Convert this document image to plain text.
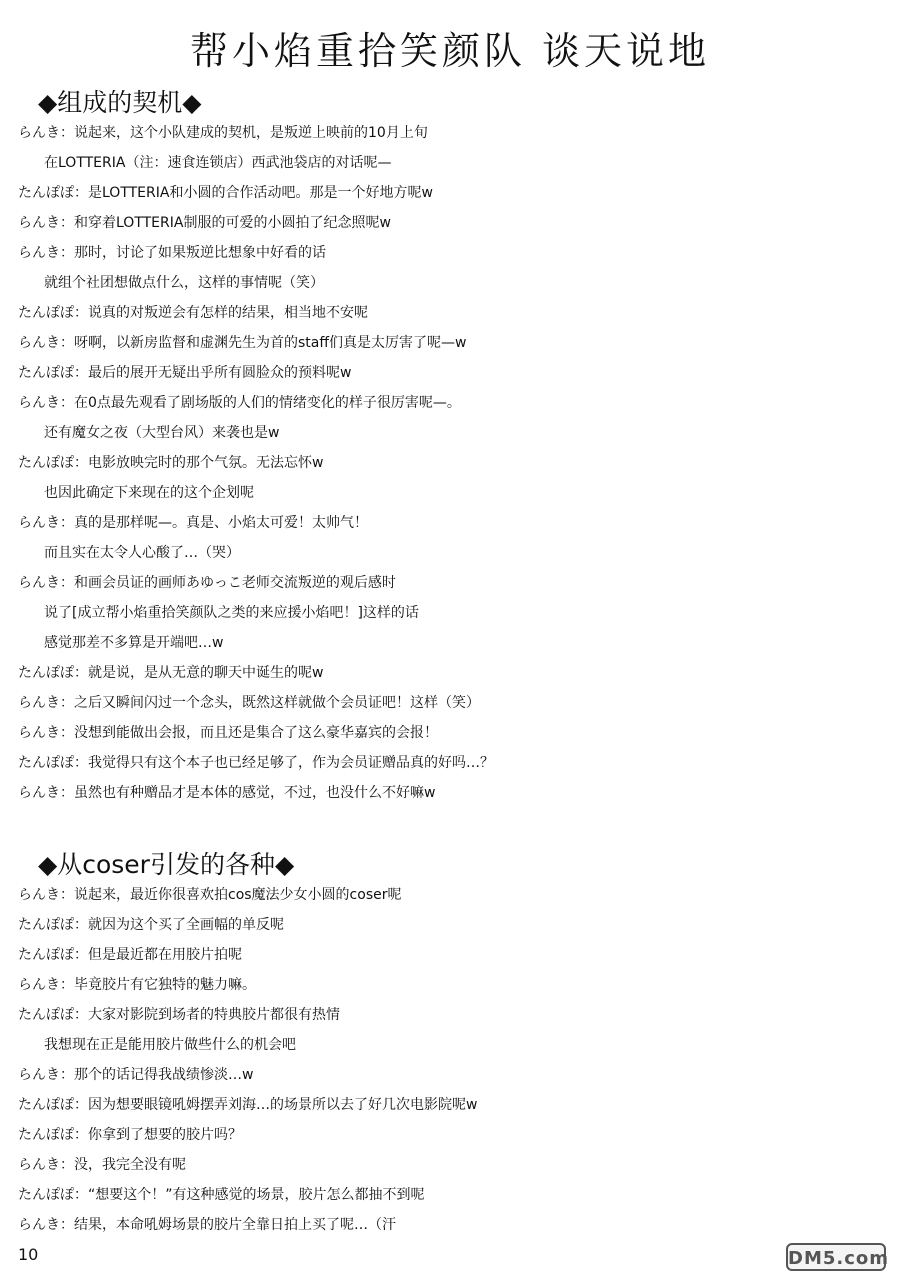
帮小焰重拾笑颜队 谈天说地
◆组成的契机◆
らんき：说起来，这个小队建成的契机，是叛逆上映前的10月上旬
在LOTTERIA（注：速食连锁店）西武池袋店的对话呢—
たんぽぽ：是LOTTERIA和小圆的合作活动吧。那是一个好地方呢w
らんき：和穿着LOTTERIA制服的可爱的小圆拍了纪念照呢w
らんき：那时，讨论了如果叛逆比想象中好看的话
就组个社团想做点什么，这样的事情呢（笑）
たんぽぽ：说真的对叛逆会有怎样的结果，相当地不安呢
らんき：呀啊，以新房监督和虚渊先生为首的staff们真是太厉害了呢—w
たんぽぽ：最后的展开无疑出乎所有圆脸众的预料呢w
らんき：在0点最先观看了剧场版的人们的情绪变化的样子很厉害呢—。
还有魔女之夜（大型台风）来袭也是w
たんぽぽ：电影放映完时的那个气氛。无法忘怀w
也因此确定下来现在的这个企划呢
らんき：真的是那样呢—。真是、小焰太可爱！太帅气！
而且实在太令人心酸了…（哭）
らんき：和画会员证的画师あゆっこ老师交流叛逆的观后感时
说了[成立帮小焰重拾笑颜队之类的来应援小焰吧！]这样的话
感觉那差不多算是开端吧…w
たんぽぽ：就是说，是从无意的聊天中诞生的呢w
らんき：之后又瞬间闪过一个念头，既然这样就做个会员证吧！这样（笑）
らんき：没想到能做出会报，而且还是集合了这么豪华嘉宾的会报！
たんぽぽ：我觉得只有这个本子也已经足够了，作为会员证赠品真的好吗…？
らんき：虽然也有种赠品才是本体的感觉，不过，也没什么不好嘛w
◆从coser引发的各种◆
らんき：说起来，最近你很喜欢拍cos魔法少女小圆的coser呢
たんぽぽ：就因为这个买了全画幅的单反呢
たんぽぽ：但是最近都在用胶片拍呢
らんき：毕竟胶片有它独特的魅力嘛。
たんぽぽ：大家对影院到场者的特典胶片都很有热情
我想现在正是能用胶片做些什么的机会吧
らんき：那个的话记得我战绩惨淡…w
たんぽぽ：因为想要眼镜吼姆摆弄刘海…的场景所以去了好几次电影院呢w
たんぽぽ：你拿到了想要的胶片吗？
らんき：没，我完全没有呢
たんぽぽ：“想要这个！”有这种感觉的场景，胶片怎么都抽不到呢
らんき：结果，本命吼姆场景的胶片全靠日拍上买了呢…（汗
10	DM5.com
